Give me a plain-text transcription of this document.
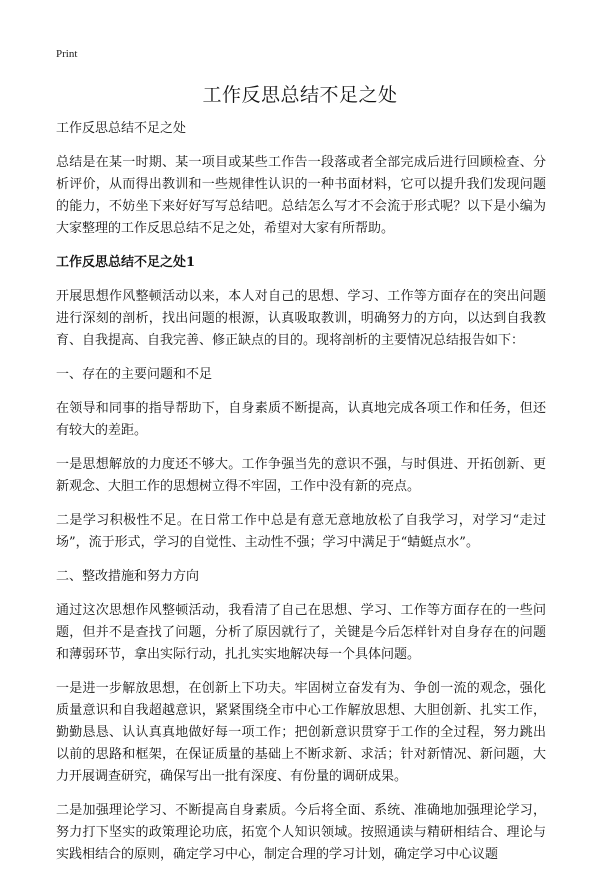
Print
工作反思总结不足之处

工作反思总结不足之处

总结是在某一时期、某一项目或某些工作告一段落或者全部完成后进行回顾检查、分析评价，从而得出教训和一些规律性认识的一种书面材料，它可以提升我们发现问题的能力，不妨坐下来好好写写总结吧。总结怎么写才不会流于形式呢？以下是小编为大家整理的工作反思总结不足之处，希望对大家有所帮助。

工作反思总结不足之处1

开展思想作风整顿活动以来，本人对自己的思想、学习、工作等方面存在的突出问题进行深刻的剖析，找出问题的根源，认真吸取教训，明确努力的方向，以达到自我教育、自我提高、自我完善、修正缺点的目的。现将剖析的主要情况总结报告如下：

一、存在的主要问题和不足

在领导和同事的指导帮助下，自身素质不断提高，认真地完成各项工作和任务，但还有较大的差距。

一是思想解放的力度还不够大。工作争强当先的意识不强，与时俱进、开拓创新、更新观念、大胆工作的思想树立得不牢固，工作中没有新的亮点。

二是学习积极性不足。在日常工作中总是有意无意地放松了自我学习，对学习“走过场”，流于形式，学习的自觉性、主动性不强；学习中满足于“蜻蜓点水”。

二、整改措施和努力方向

通过这次思想作风整顿活动，我看清了自己在思想、学习、工作等方面存在的一些问题，但并不是查找了问题，分析了原因就行了，关键是今后怎样针对自身存在的问题和薄弱环节，拿出实际行动，扎扎实实地解决每一个具体问题。

一是进一步解放思想，在创新上下功夫。牢固树立奋发有为、争创一流的观念，强化质量意识和自我超越意识，紧紧围绕全市中心工作解放思想、大胆创新、扎实工作，勤勤恳恳、认认真真地做好每一项工作；把创新意识贯穿于工作的全过程，努力跳出以前的思路和框架，在保证质量的基础上不断求新、求活；针对新情况、新问题，大力开展调查研究，确保写出一批有深度、有份量的调研成果。

二是加强理论学习、不断提高自身素质。今后将全面、系统、准确地加强理论学习，努力打下坚实的政策理论功底，拓宽个人知识领域。按照通读与精研相结合、理论与实践相结合的原则，确定学习中心，制定合理的学习计划，确定学习中心议题
